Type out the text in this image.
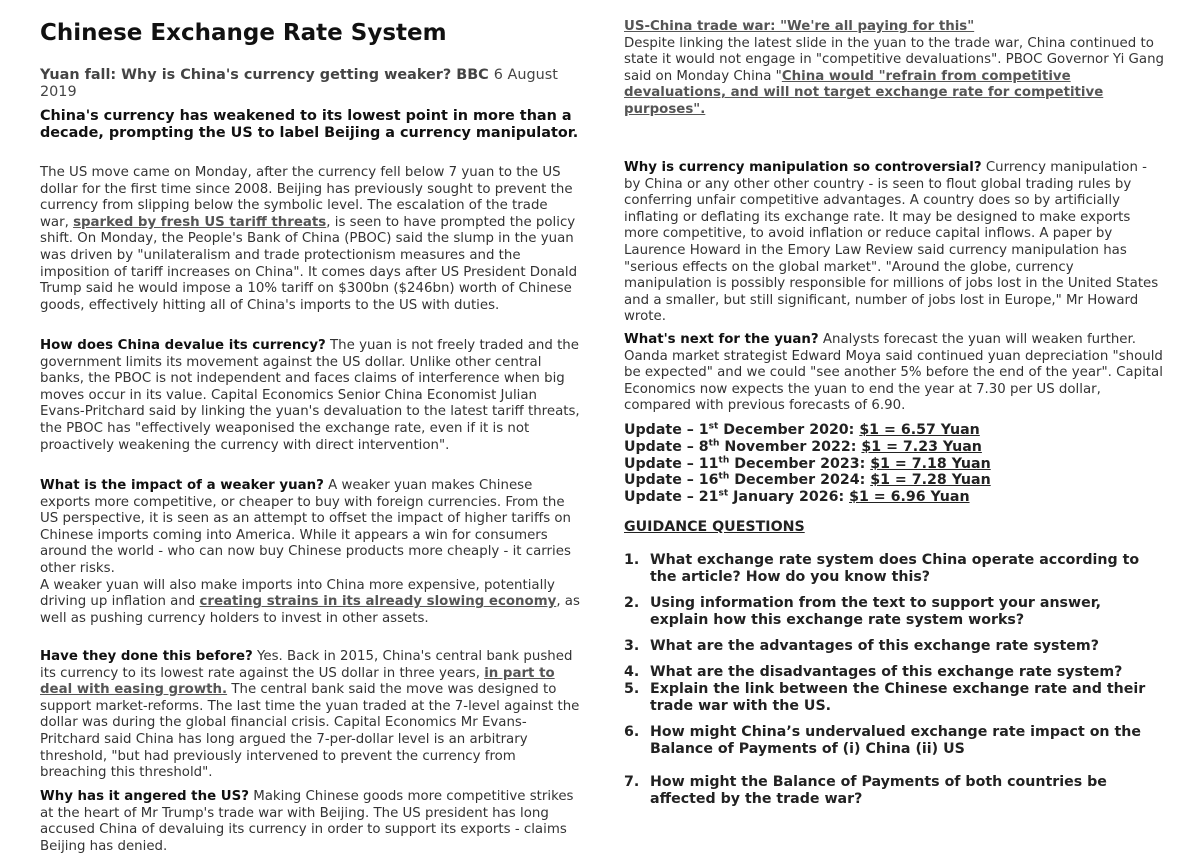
Chinese Exchange Rate System

Yuan fall: Why is China's currency getting weaker? BBC 6 August 2019

China's currency has weakened to its lowest point in more than a decade, prompting the US to label Beijing a currency manipulator.

The US move came on Monday, after the currency fell below 7 yuan to the US dollar for the first time since 2008. Beijing has previously sought to prevent the currency from slipping below the symbolic level. The escalation of the trade war, sparked by fresh US tariff threats, is seen to have prompted the policy shift. On Monday, the People's Bank of China (PBOC) said the slump in the yuan was driven by "unilateralism and trade protectionism measures and the imposition of tariff increases on China". It comes days after US President Donald Trump said he would impose a 10% tariff on $300bn ($246bn) worth of Chinese goods, effectively hitting all of China's imports to the US with duties.

How does China devalue its currency? The yuan is not freely traded and the government limits its movement against the US dollar. Unlike other central banks, the PBOC is not independent and faces claims of interference when big moves occur in its value. Capital Economics Senior China Economist Julian Evans-Pritchard said by linking the yuan's devaluation to the latest tariff threats, the PBOC has "effectively weaponised the exchange rate, even if it is not proactively weakening the currency with direct intervention".

What is the impact of a weaker yuan? A weaker yuan makes Chinese exports more competitive, or cheaper to buy with foreign currencies. From the US perspective, it is seen as an attempt to offset the impact of higher tariffs on Chinese imports coming into America. While it appears a win for consumers around the world - who can now buy Chinese products more cheaply - it carries other risks.
A weaker yuan will also make imports into China more expensive, potentially driving up inflation and creating strains in its already slowing economy, as well as pushing currency holders to invest in other assets.

Have they done this before? Yes. Back in 2015, China's central bank pushed its currency to its lowest rate against the US dollar in three years, in part to deal with easing growth. The central bank said the move was designed to support market-reforms. The last time the yuan traded at the 7-level against the dollar was during the global financial crisis. Capital Economics Mr Evans-Pritchard said China has long argued the 7-per-dollar level is an arbitrary threshold, "but had previously intervened to prevent the currency from breaching this threshold".

Why has it angered the US? Making Chinese goods more competitive strikes at the heart of Mr Trump's trade war with Beijing. The US president has long accused China of devaluing its currency in order to support its exports - claims Beijing has denied.

US-China trade war: "We're all paying for this"
Despite linking the latest slide in the yuan to the trade war, China continued to state it would not engage in "competitive devaluations". PBOC Governor Yi Gang said on Monday China "China would "refrain from competitive devaluations, and will not target exchange rate for competitive purposes".

Why is currency manipulation so controversial? Currency manipulation - by China or any other other country - is seen to flout global trading rules by conferring unfair competitive advantages. A country does so by artificially inflating or deflating its exchange rate. It may be designed to make exports more competitive, to avoid inflation or reduce capital inflows. A paper by Laurence Howard in the Emory Law Review said currency manipulation has "serious effects on the global market". "Around the globe, currency manipulation is possibly responsible for millions of jobs lost in the United States and a smaller, but still significant, number of jobs lost in Europe," Mr Howard wrote.

What's next for the yuan? Analysts forecast the yuan will weaken further. Oanda market strategist Edward Moya said continued yuan depreciation "should be expected" and we could "see another 5% before the end of the year". Capital Economics now expects the yuan to end the year at 7.30 per US dollar, compared with previous forecasts of 6.90.

Update – 1st December 2020: $1 = 6.57 Yuan

Update – 8th November 2022: $1 = 7.23 Yuan

Update – 11th December 2023: $1 = 7.18 Yuan

Update – 16th December 2024: $1 = 7.28 Yuan

Update – 21st January 2026: $1 = 6.96 Yuan

GUIDANCE QUESTIONS

1. What exchange rate system does China operate according to the article? How do you know this?
2. Using information from the text to support your answer, explain how this exchange rate system works?
3. What are the advantages of this exchange rate system?
4. What are the disadvantages of this exchange rate system?
5. Explain the link between the Chinese exchange rate and their trade war with the US.
6. How might China’s undervalued exchange rate impact on the Balance of Payments of (i) China (ii) US
7. How might the Balance of Payments of both countries be affected by the trade war?
